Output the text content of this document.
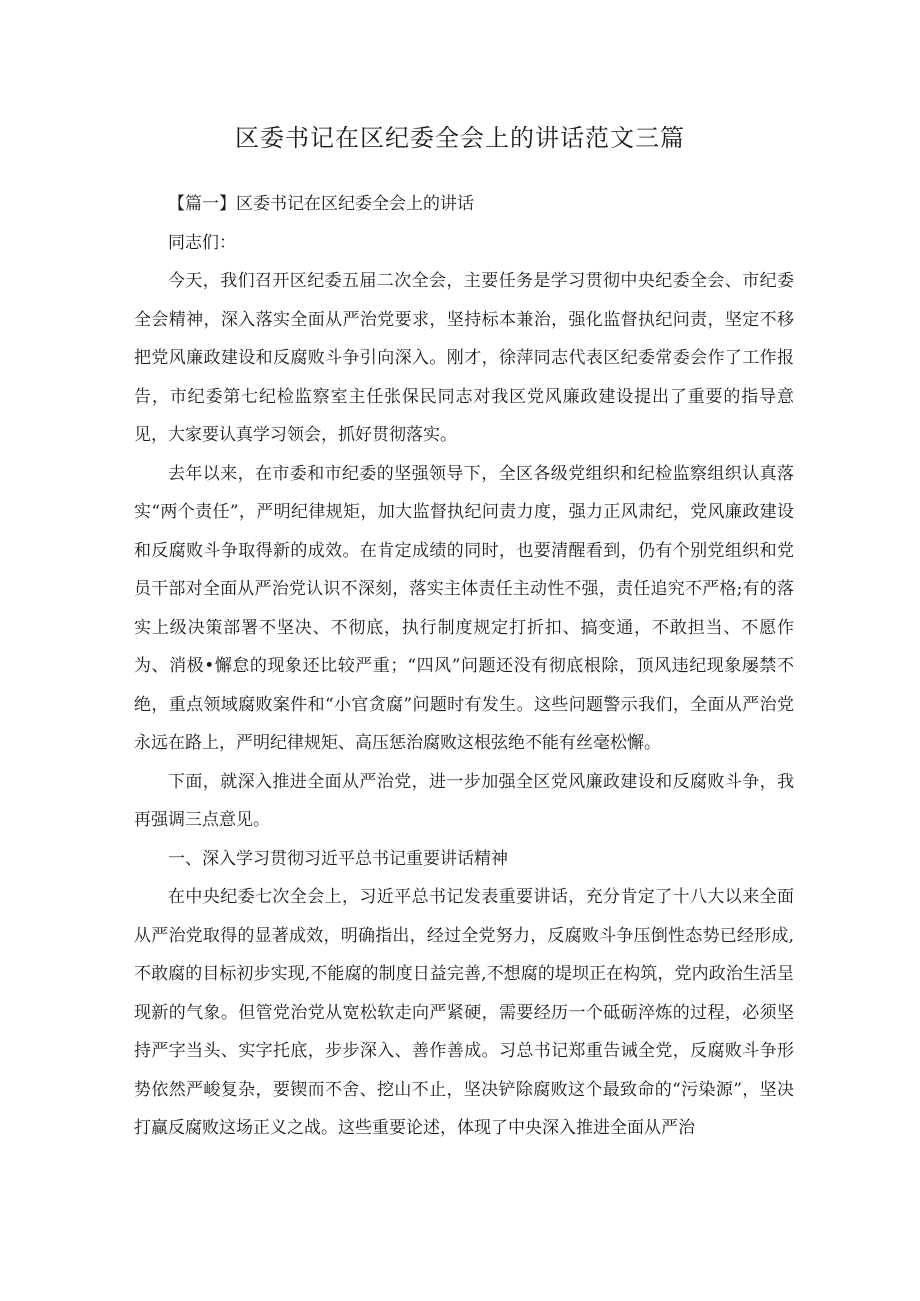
区委书记在区纪委全会上的讲话范文三篇

【篇一】区委书记在区纪委全会上的讲话

同志们：

今天，我们召开区纪委五届二次全会，主要任务是学习贯彻中央纪委全会、市纪委全会精神，深入落实全面从严治党要求，坚持标本兼治，强化监督执纪问责，坚定不移把党风廉政建设和反腐败斗争引向深入。刚才，徐萍同志代表区纪委常委会作了工作报告，市纪委第七纪检监察室主任张保民同志对我区党风廉政建设提出了重要的指导意见，大家要认真学习领会，抓好贯彻落实。

去年以来，在市委和市纪委的坚强领导下，全区各级党组织和纪检监察组织认真落实“两个责任”，严明纪律规矩，加大监督执纪问责力度，强力正风肃纪，党风廉政建设和反腐败斗争取得新的成效。在肯定成绩的同时，也要清醒看到，仍有个别党组织和党员干部对全面从严治党认识不深刻，落实主体责任主动性不强，责任追究不严格;有的落实上级决策部署不坚决、不彻底，执行制度规定打折扣、搞变通，不敢担当、不愿作为、消极•懈怠的现象还比较严重；“四风”问题还没有彻底根除，顶风违纪现象屡禁不绝，重点领域腐败案件和“小官贪腐”问题时有发生。这些问题警示我们，全面从严治党永远在路上，严明纪律规矩、高压惩治腐败这根弦绝不能有丝毫松懈。

下面，就深入推进全面从严治党，进一步加强全区党风廉政建设和反腐败斗争，我再强调三点意见。

一、深入学习贯彻习近平总书记重要讲话精神

在中央纪委七次全会上，习近平总书记发表重要讲话，充分肯定了十八大以来全面从严治党取得的显著成效，明确指出，经过全党努力，反腐败斗争压倒性态势已经形成,不敢腐的目标初步实现,不能腐的制度日益完善,不想腐的堤坝正在构筑，党内政治生活呈现新的气象。但管党治党从宽松软走向严紧硬，需要经历一个砥砺淬炼的过程，必须坚持严字当头、实字托底，步步深入、善作善成。习总书记郑重告诫全党，反腐败斗争形势依然严峻复杂，要锲而不舍、挖山不止，坚决铲除腐败这个最致命的“污染源”，坚决打赢反腐败这场正义之战。这些重要论述，体现了中央深入推进全面从严治
